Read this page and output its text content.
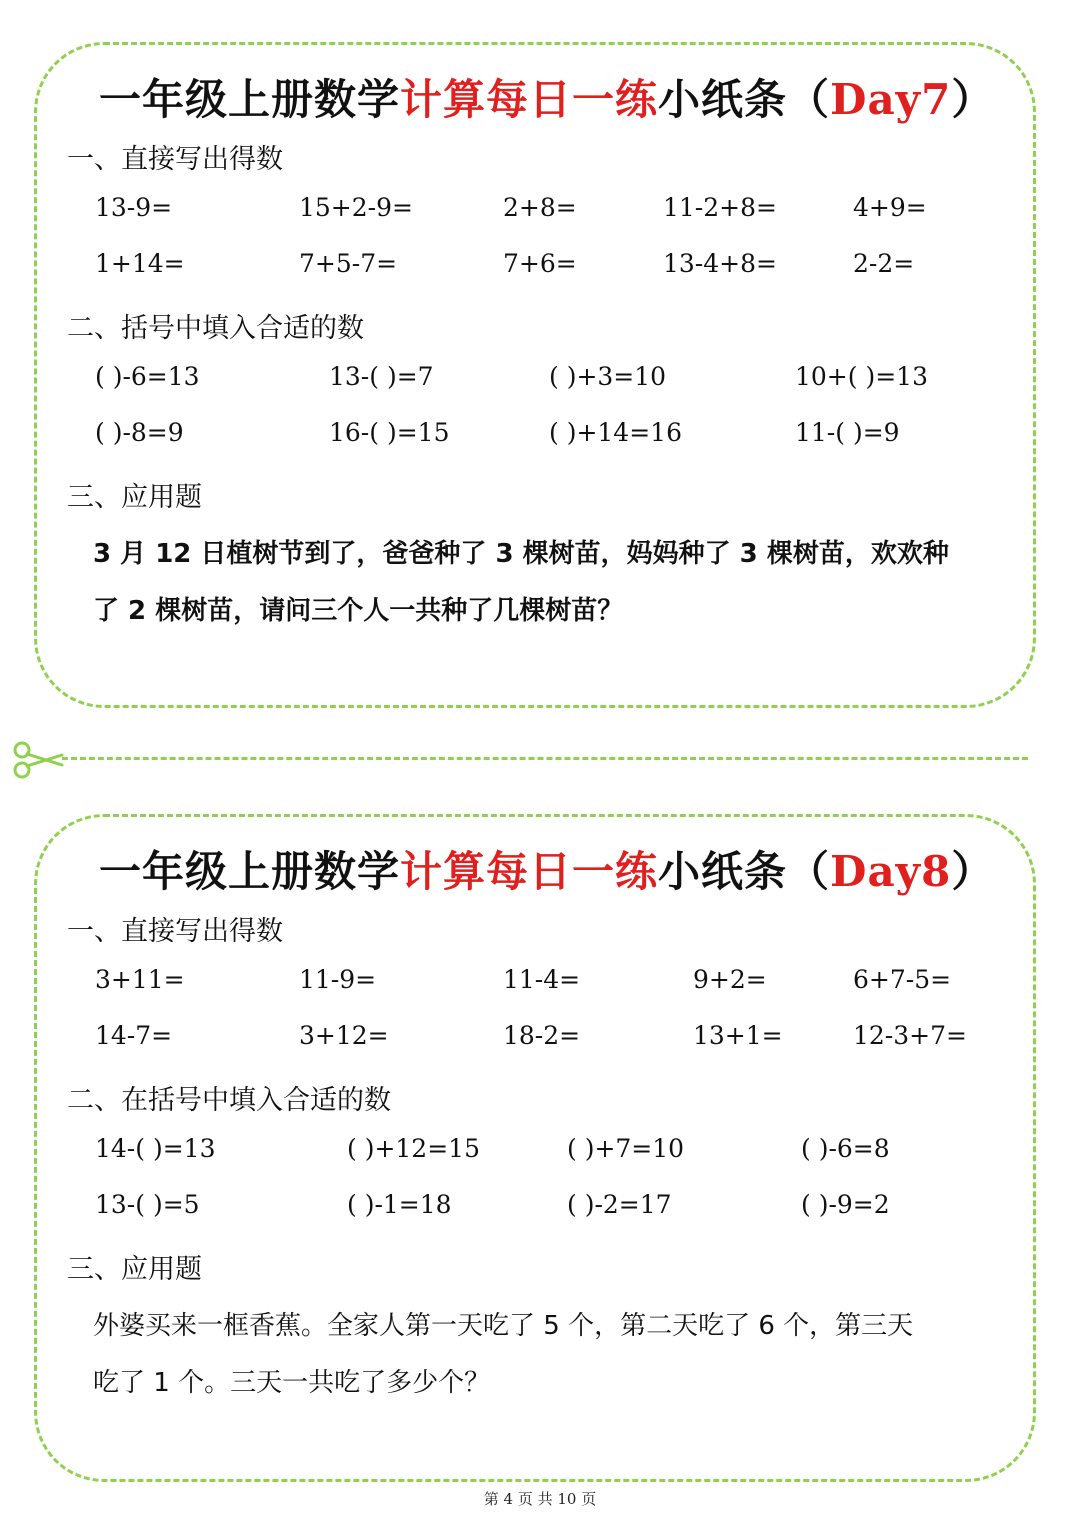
一年级上册数学计算每日一练小纸条（Day7）
一、直接写出得数
13-9=	15+2-9=	2+8=	11-2+8=	4+9=
1+14=	7+5-7=	7+6=	13-4+8=	2-2=
二、括号中填入合适的数
( )-6=13	13-( )=7	( )+3=10	10+( )=13
( )-8=9	16-( )=15	( )+14=16	11-( )=9
三、应用题
3 月 12 日植树节到了，爸爸种了 3 棵树苗，妈妈种了 3 棵树苗，欢欢种
了 2 棵树苗，请问三个人一共种了几棵树苗？
一年级上册数学计算每日一练小纸条（Day8）
一、直接写出得数
3+11=	11-9=	11-4=	9+2=	6+7-5=
14-7=	3+12=	18-2=	13+1=	12-3+7=
二、在括号中填入合适的数
14-( )=13	( )+12=15	( )+7=10	( )-6=8
13-( )=5	( )-1=18	( )-2=17	( )-9=2
三、应用题
外婆买来一框香蕉。全家人第一天吃了 5 个，第二天吃了 6 个，第三天
吃了 1 个。三天一共吃了多少个？
第 4 页 共 10 页
